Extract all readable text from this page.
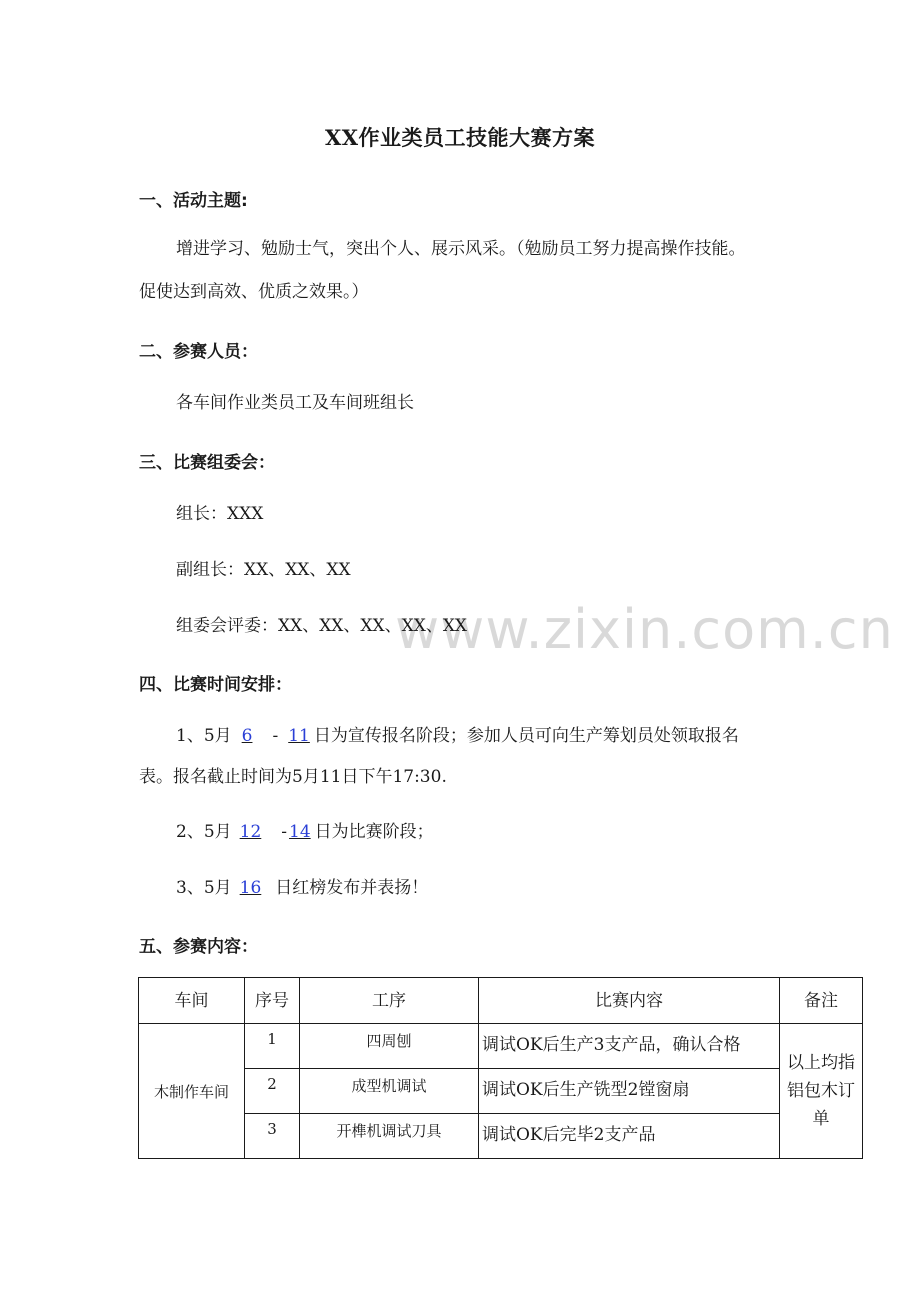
XX作业类员工技能大赛方案
一、活动主题:
增进学习、勉励士气，突出个人、展示风采。（勉励员工努力提高操作技能。
促使达到高效、优质之效果。）
二、参赛人员：
各车间作业类员工及车间班组长
三、比赛组委会：
组长：XXX
副组长：XX、XX、XX
www.zixin.com.cn
组委会评委：XX、XX、XX、XX、XX
四、比赛时间安排：
1、5月 6 - 11 日为宣传报名阶段；参加人员可向生产筹划员处领取报名
表。报名截止时间为5月11日下午17:30.
2、5月 12 - 14 日为比赛阶段；
3、5月 16 日红榜发布并表扬！
五、参赛内容：
车间	序号	工序	比赛内容	备注
木制作车间	1	四周刨	调试OK后生产3支产品，确认合格	以上均指
铝包木订
单

	2	成型机调试	调试OK后生产铣型2镗窗扇	
	3	开榫机调试刀具	调试OK后完毕2支产品	
